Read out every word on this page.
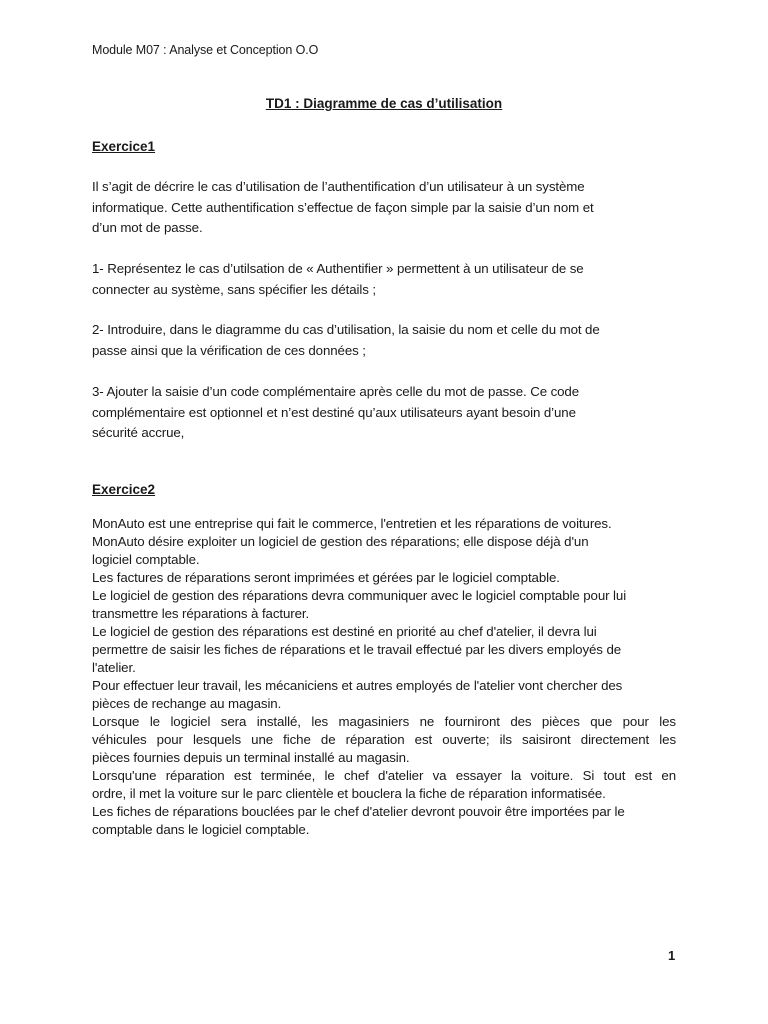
Module M07 : Analyse et Conception O.O
TD1 : Diagramme de cas d’utilisation
Exercice1
Il s’agit de décrire le cas d’utilisation de l’authentification d’un utilisateur à un système
informatique. Cette authentification s’effectue de façon simple par la saisie d’un nom et
d’un mot de passe.
1- Représentez le cas d’utilsation de « Authentifier » permettent à un utilisateur de se
connecter au système, sans spécifier les détails ;
2- Introduire, dans le diagramme du cas d’utilisation, la saisie du nom et celle du mot de
passe ainsi que la vérification de ces données ;
3- Ajouter la saisie d’un code complémentaire après celle du mot de passe. Ce code
complémentaire est optionnel et n’est destiné qu’aux utilisateurs ayant besoin d’une
sécurité accrue,
Exercice2
MonAuto est une entreprise qui fait le commerce, l'entretien et les réparations de voitures.
MonAuto désire exploiter un logiciel de gestion des réparations; elle dispose déjà d'un
logiciel comptable.
Les factures de réparations seront imprimées et gérées par le logiciel comptable.
Le logiciel de gestion des réparations devra communiquer avec le logiciel comptable pour lui
transmettre les réparations à facturer.
Le logiciel de gestion des réparations est destiné en priorité au chef d'atelier, il devra lui
permettre de saisir les fiches de réparations et le travail effectué par les divers employés de
l'atelier.
Pour effectuer leur travail, les mécaniciens et autres employés de l'atelier vont chercher des
pièces de rechange au magasin.
Lorsque le logiciel sera installé, les magasiniers ne fourniront des pièces que pour les
véhicules pour lesquels une fiche de réparation est ouverte; ils saisiront directement les
pièces fournies depuis un terminal installé au magasin.
Lorsqu'une réparation est terminée, le chef d'atelier va essayer la voiture. Si tout est en
ordre, il met la voiture sur le parc clientèle et bouclera la fiche de réparation informatisée.
Les fiches de réparations bouclées par le chef d'atelier devront pouvoir être importées par le
comptable dans le logiciel comptable.
1
